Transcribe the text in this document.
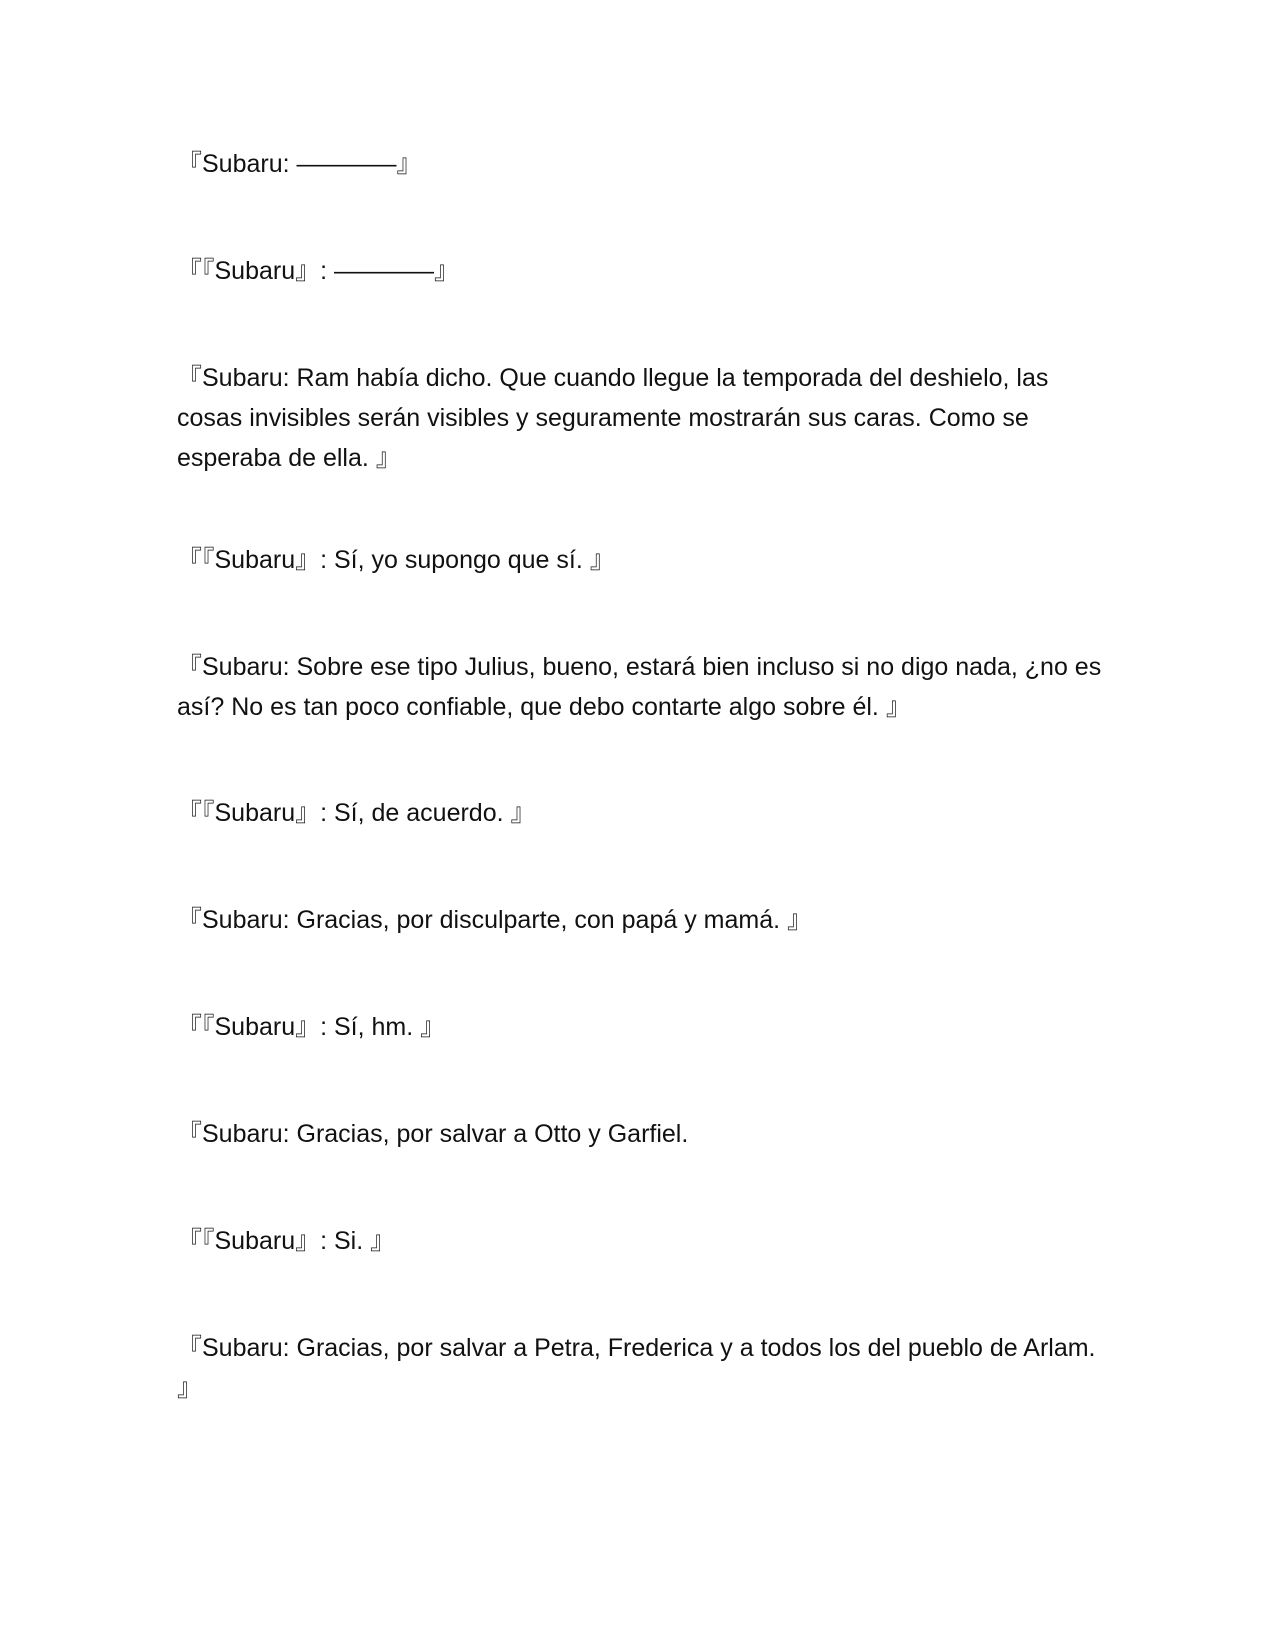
『Subaru: ————』

『『Subaru』: ————』

『Subaru: Ram había dicho. Que cuando llegue la temporada del deshielo, las cosas invisibles serán visibles y seguramente mostrarán sus caras. Como se esperaba de ella. 』

『『Subaru』: Sí, yo supongo que sí. 』

『Subaru: Sobre ese tipo Julius, bueno, estará bien incluso si no digo nada, ¿no es así? No es tan poco confiable, que debo contarte algo sobre él. 』

『『Subaru』: Sí, de acuerdo. 』

『Subaru: Gracias, por disculparte, con papá y mamá. 』

『『Subaru』: Sí, hm. 』

『Subaru: Gracias, por salvar a Otto y Garfiel.

『『Subaru』: Si. 』

『Subaru: Gracias, por salvar a Petra, Frederica y a todos los del pueblo de Arlam. 』
